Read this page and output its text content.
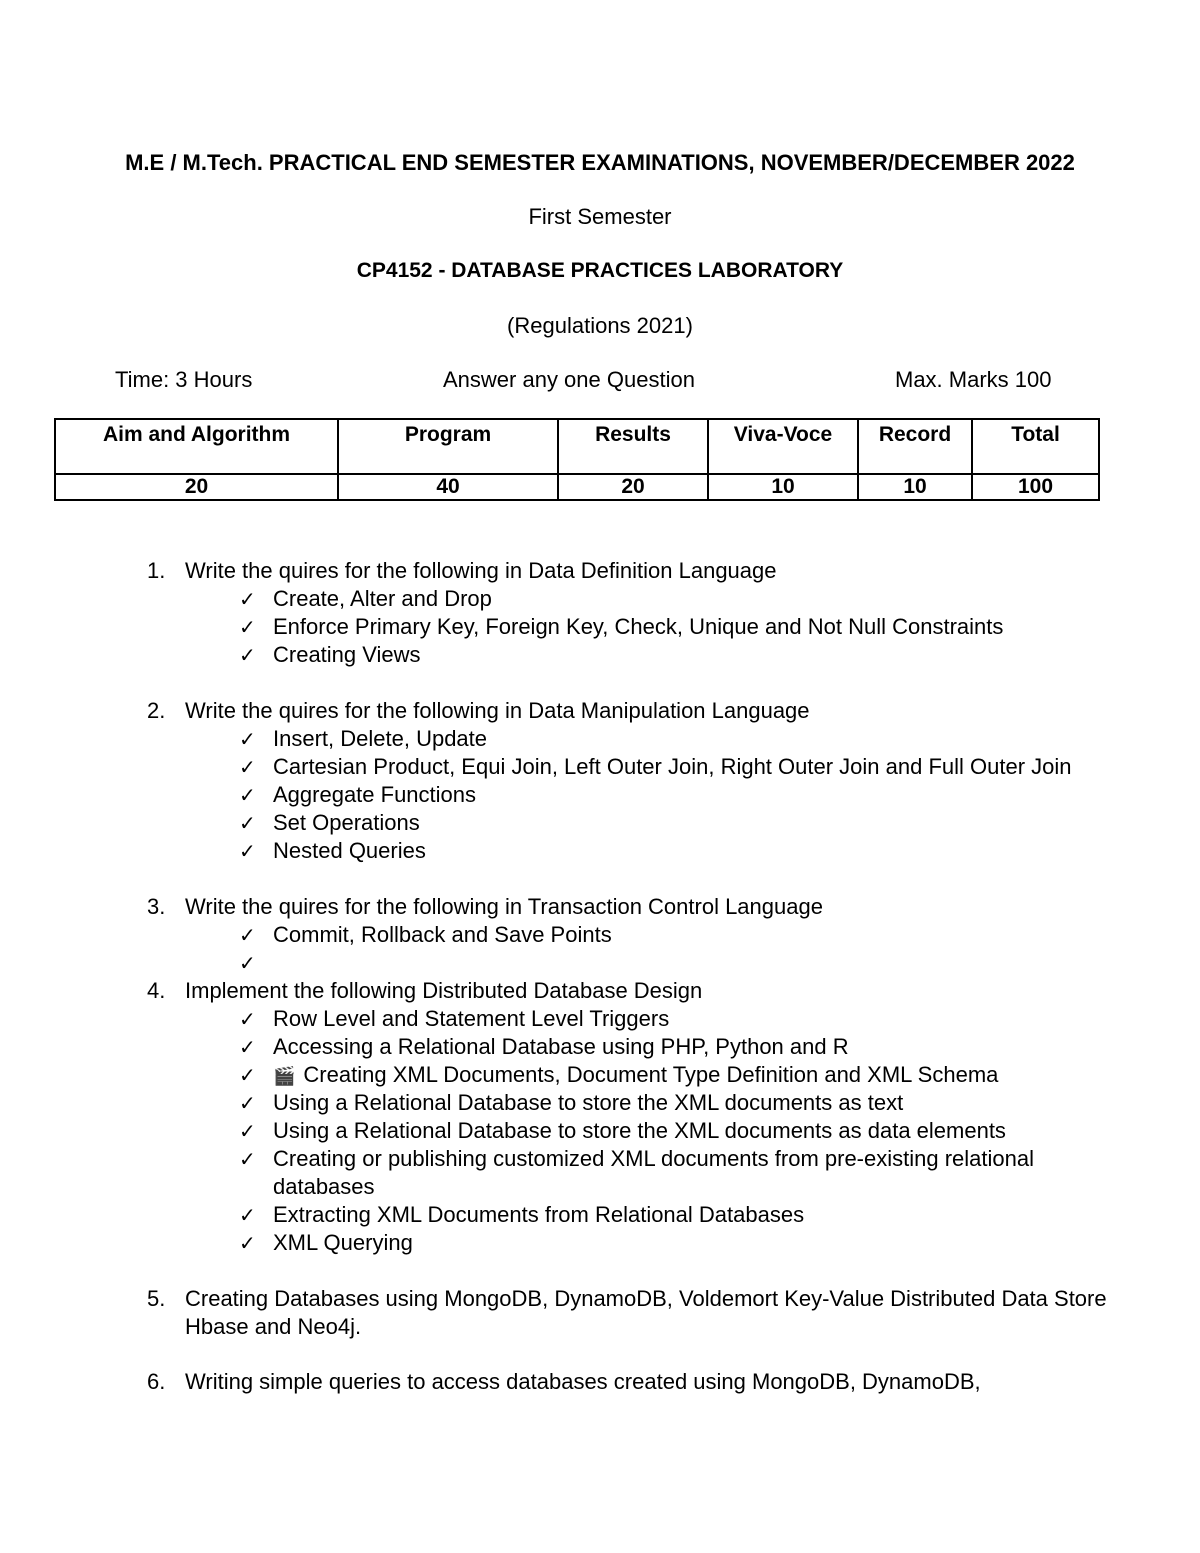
M.E / M.Tech. PRACTICAL END SEMESTER EXAMINATIONS, NOVEMBER/DECEMBER 2022
First Semester
CP4152 - DATABASE PRACTICES LABORATORY
(Regulations 2021)
Time: 3 Hours	Answer any one Question	Max. Marks 100
Aim and Algorithm	Program	Results	Viva-Voce	Record	Total
20	40	20	10	10	100
1. Write the quires for the following in Data Definition Language
✓ Create, Alter and Drop
✓ Enforce Primary Key, Foreign Key, Check, Unique and Not Null Constraints
✓ Creating Views
2. Write the quires for the following in Data Manipulation Language
✓ Insert, Delete, Update
✓ Cartesian Product, Equi Join, Left Outer Join, Right Outer Join and Full Outer Join
✓ Aggregate Functions
✓ Set Operations
✓ Nested Queries
3. Write the quires for the following in Transaction Control Language
✓ Commit, Rollback and Save Points
✓
4. Implement the following Distributed Database Design
✓ Row Level and Statement Level Triggers
✓ Accessing a Relational Database using PHP, Python and R
✓ 🎬 Creating XML Documents, Document Type Definition and XML Schema
✓ Using a Relational Database to store the XML documents as text
✓ Using a Relational Database to store the XML documents as data elements
✓ Creating or publishing customized XML documents from pre-existing relational databases
✓ Extracting XML Documents from Relational Databases
✓ XML Querying
5. Creating Databases using MongoDB, DynamoDB, Voldemort Key-Value Distributed Data Store Hbase and Neo4j.
6. Writing simple queries to access databases created using MongoDB, DynamoDB,
